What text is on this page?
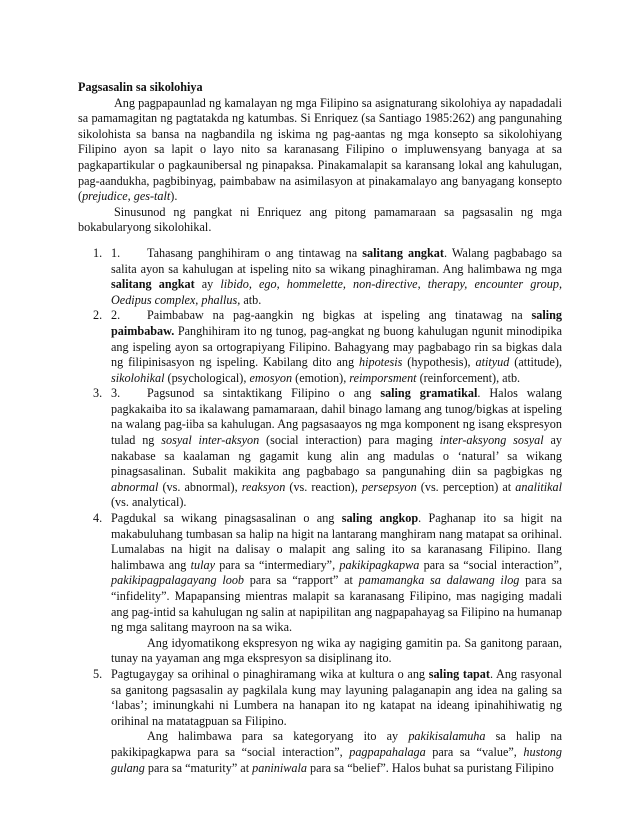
Pagsasalin sa sikolohiya

Ang pagpapaunlad ng kamalayan ng mga Filipino sa asignaturang sikolohiya ay napadadali sa pamamagitan ng pagtatakda ng katumbas. Si Enriquez (sa Santiago 1985:262) ang pangunahing sikolohista sa bansa na nagbandila ng iskima ng pag-aantas ng mga konsepto sa sikolohiyang Filipino ayon sa lapit o layo nito sa karanasang Filipino o impluwensyang banyaga at sa pagkapartikular o pagkaunibersal ng pinapaksa. Pinakamalapit sa karansang lokal ang kahulugan, pag-aandukha, pagbibinyag, paimbabaw na asimilasyon at pinakamalayo ang banyagang konsepto (prejudice, ges-talt).

Sinusunod ng pangkat ni Enriquez ang pitong pamamaraan sa pagsasalin ng mga bokabularyong sikolohikal.

1. 1. Tahasang panghihiram o ang tintawag na salitang angkat. Walang pagbabago sa salita ayon sa kahulugan at ispeling nito sa wikang pinaghiraman. Ang halimbawa ng mga salitang angkat ay libido, ego, hommelette, non-directive, therapy, encounter group, Oedipus complex, phallus, atb.
2. 2. Paimbabaw na pag-aangkin ng bigkas at ispeling ang tinatawag na saling paimbabaw. Panghihiram ito ng tunog, pag-angkat ng buong kahulugan ngunit minodipika ang ispeling ayon sa ortograpiyang Filipino. Bahagyang may pagbabago rin sa bigkas dala ng filipinisasyon ng ispeling. Kabilang dito ang hipotesis (hypothesis), atityud (attitude), sikolohikal (psychological), emosyon (emotion), reimporsment (reinforcement), atb.
3. 3. Pagsunod sa sintaktikang Filipino o ang saling gramatikal. Halos walang pagkakaiba ito sa ikalawang pamamaraan, dahil binago lamang ang tunog/bigkas at ispeling na walang pag-iiba sa kahulugan. Ang pagsasaayos ng mga komponent ng isang ekspresyon tulad ng sosyal inter-aksyon (social interaction) para maging inter-aksyong sosyal ay nakabase sa kaalaman ng gagamit kung alin ang madulas o ‘natural’ sa wikang pinagsasalinan. Subalit makikita ang pagbabago sa pangunahing diin sa pagbigkas ng abnormal (vs. abnormal), reaksyon (vs. reaction), persepsyon (vs. perception) at analitikal (vs. analytical).
4. Pagdukal sa wikang pinagsasalinan o ang saling angkop. Paghanap ito sa higit na makabuluhang tumbasan sa halip na higit na lantarang manghiram nang matapat sa orihinal. Lumalabas na higit na dalisay o malapit ang saling ito sa karanasang Filipino. Ilang halimbawa ang tulay para sa “intermediary”, pakikipagkapwa para sa “social interaction”, pakikipagpalagayang loob para sa “rapport” at pamamangka sa dalawang ilog para sa “infidelity”. Mapapansing mientras malapit sa karanasang Filipino, mas nagiging madali ang pag-intid sa kahulugan ng salin at napipilitan ang nagpapahayag sa Filipino na humanap ng mga salitang mayroon na sa wika.
Ang idyomatikong ekspresyon ng wika ay nagiging gamitin pa. Sa ganitong paraan, tunay na yayaman ang mga ekspresyon sa disiplinang ito.
5. Pagtugaygay sa orihinal o pinaghiramang wika at kultura o ang saling tapat. Ang rasyonal sa ganitong pagsasalin ay pagkilala kung may layuning palaganapin ang idea na galing sa ‘labas’; iminungkahi ni Lumbera na hanapan ito ng katapat na ideang ipinahihiwatig ng orihinal na matatagpuan sa Filipino.
Ang halimbawa para sa kategoryang ito ay pakikisalamuha sa halip na pakikipagkapwa para sa “social interaction”, pagpapahalaga para sa “value”, hustong gulang para sa “maturity” at paniniwala para sa “belief”. Halos buhat sa puristang Filipino
